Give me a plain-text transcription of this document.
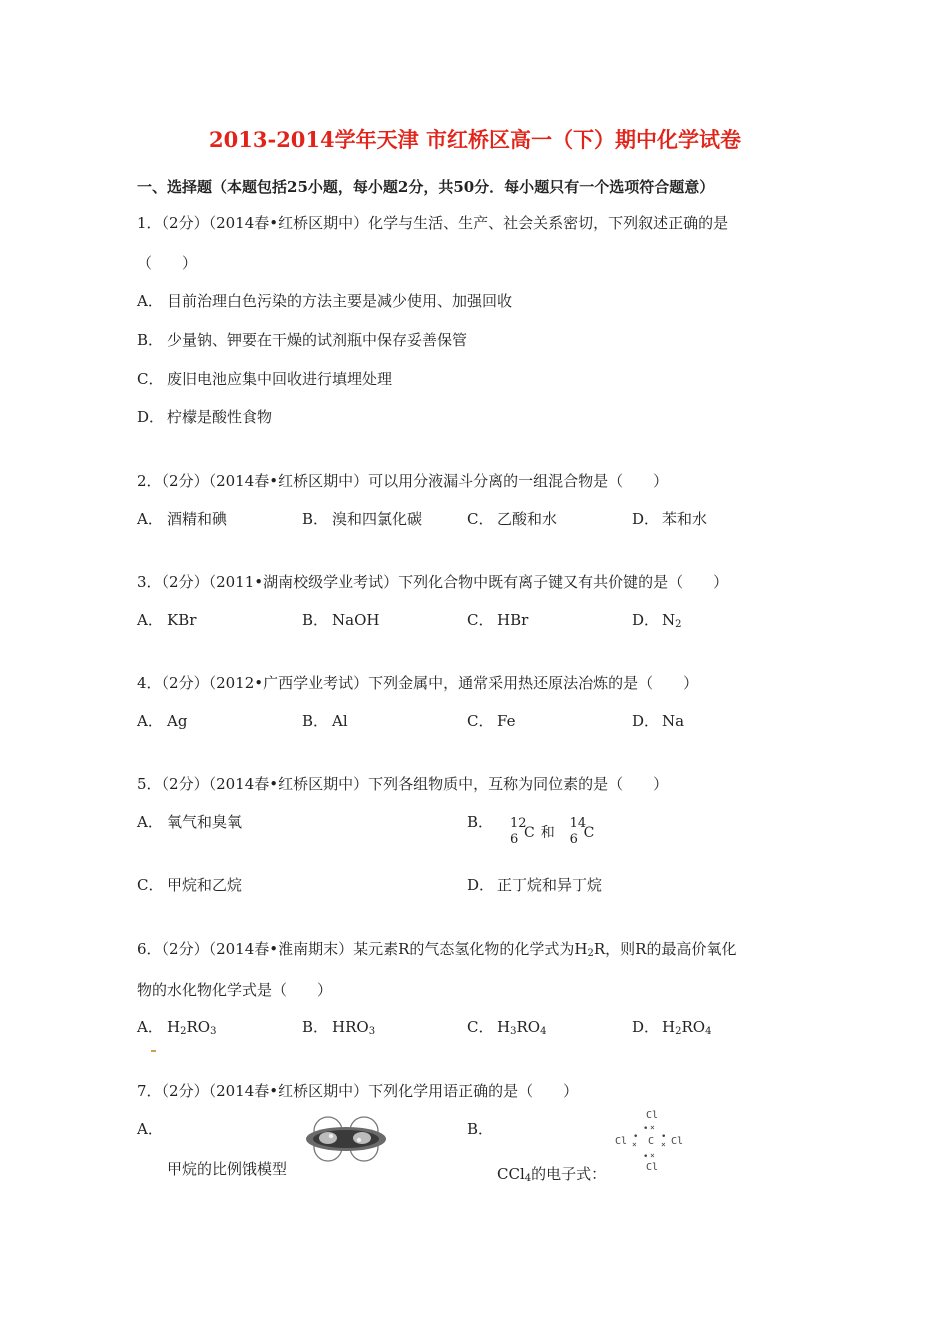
2013-2014学年天津 市红桥区高一（下）期中化学试卷
一、选择题（本题包括25小题，每小题2分，共50分．每小题只有一个选项符合题意）
1．（2分）（2014春•红桥区期中）化学与生活、生产、社会关系密切，下列叙述正确的是
（　　）
A． 目前治理白色污染的方法主要是减少使用、加强回收
B． 少量钠、钾要在干燥的试剂瓶中保存妥善保管
C． 废旧电池应集中回收进行填埋处理
D． 柠檬是酸性食物
2．（2分）（2014春•红桥区期中）可以用分液漏斗分离的一组混合物是（　　）
A． 酒精和碘	B． 溴和四氯化碳	C． 乙酸和水	D． 苯和水
3．（2分）（2011•湖南校级学业考试）下列化合物中既有离子键又有共价键的是（　　）
A． KBr	B． NaOH	C． HBr	D． $N_2$
4．（2分）（2012•广西学业考试）下列金属中，通常采用热还原法冶炼的是（　　）
A． Ag	B． Al	C． Fe	D． Na
5．（2分）（2014春•红桥区期中）下列各组物质中，互称为同位素的是（　　）
A． 氧气和臭氧	B． 12
6 C 和
14
6 C
C． 甲烷和乙烷	D． 正丁烷和异丁烷
6．（2分）（2014春•淮南期末）某元素R的气态氢化物的化学式为$H_2R$，则R的最高价氧化
物的水化物化学式是（　　）
A． $H_2RO_3$	B． $HRO_3$	C． $H_3RO_4$	D． $H_2RO_4$
7．（2分）（2014春•红桥区期中）下列化学用语正确的是（　　）
A．
甲烷的比例饿模型
B．
CCl$_4$的电子式：
Cl
×
Cl × C × Cl
×
Cl
•
•	•
•
